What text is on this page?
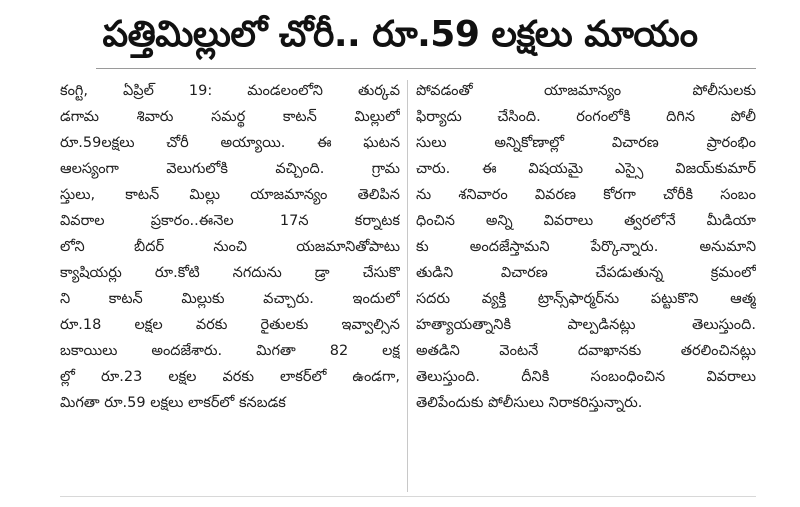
పత్తిమిల్లులో చోరీ.. రూ.59 లక్షలు మాయం
కంగ్టి, ఏప్రిల్ 19: మండలంలోని తుర్కవ
డగామ శివారు సమర్థ కాటన్ మిల్లులో
రూ.59లక్షలు చోరీ అయ్యాయి. ఈ ఘటన
ఆలస్యంగా వెలుగులోకి వచ్చింది. గ్రామ
స్తులు, కాటన్ మిల్లు యాజమాన్యం తెలిపిన
వివరాల ప్రకారం..ఈనెల 17న కర్నాటక
లోని బీదర్ నుంచి యజమానితోపాటు
క్యాషియర్లు రూ.కోటి నగదును డ్రా చేసుకొ
ని కాటన్ మిల్లుకు వచ్చారు. ఇందులో
రూ.18 లక్షల వరకు రైతులకు ఇవ్వాల్సిన
బకాయిలు అందజేశారు. మిగతా 82 లక్ష
ల్లో రూ.23 లక్షల వరకు లాకర్‌లో ఉండగా,
మిగతా రూ.59 లక్షలు లాకర్‌లో కనబడక
పోవడంతో యాజమాన్యం పోలీసులకు
ఫిర్యాదు చేసింది. రంగంలోకి దిగిన పోలీ
సులు అన్నికోణాల్లో విచారణ ప్రారంభిం
చారు. ఈ విషయమై ఎస్సై విజయ్‌కుమార్
ను శనివారం వివరణ కోరగా చోరీకి సంబం
ధించిన అన్ని వివరాలు త్వరలోనే మీడియా
కు అందజేస్తామని పేర్కొన్నారు. అనుమాని
తుడిని విచారణ చేపడుతున్న క్రమంలో
సదరు వ్యక్తి ట్రాన్స్‌ఫార్మర్‌ను పట్టుకొని ఆత్మ
హత్యాయత్నానికి పాల్పడినట్లు తెలుస్తుంది.
అతడిని వెంటనే దవాఖానకు తరలించినట్లు
తెలుస్తుంది. దీనికి సంబంధించిన వివరాలు
తెలిపేందుకు పోలీసులు నిరాకరిస్తున్నారు.
